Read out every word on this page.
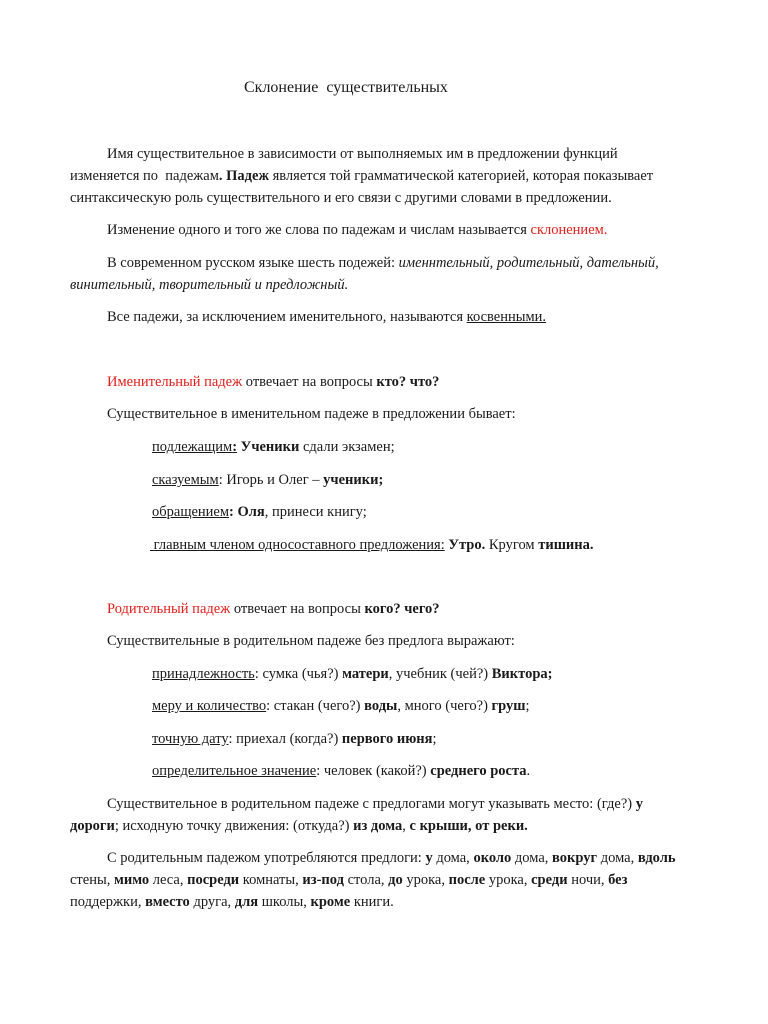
Склонение  существительных
Имя существительное в зависимости от выполняемых им в предложении функций
изменяется по  падежам. Падеж является той грамматической категорией, которая показывает
синтаксическую роль существительного и его связи с другими словами в предложении.
Изменение одного и того же слова по падежам и числам называется склонением.
В современном русском языке шесть подежей: именнтельный, родительный, дательный,
винительный, творительный и предложный.
Все падежи, за исключением именительного, называются косвенными.
Именительный падеж отвечает на вопросы кто? что?
Существительное в именительном падеже в предложении бывает:
подлежащим: Ученики сдали экзамен;
сказуемым: Игорь и Олег – ученики;
обращением: Оля, принеси книгу;
главным членом односоставного предложения: Утро. Кругом тишина.
Родительный падеж отвечает на вопросы кого? чего?
Существительные в родительном падеже без предлога выражают:
принадлежность: сумка (чья?) матери, учебник (чей?) Виктора;
меру и количество: стакан (чего?) воды, много (чего?) груш;
точную дату: приехал (когда?) первого июня;
определительное значение: человек (какой?) среднего роста.
Существительное в родительном падеже с предлогами могут указывать место: (где?) у
дороги; исходную точку движения: (откуда?) из дома, с крыши, от реки.
С родительным падежом употребляются предлоги: у дома, около дома, вокруг дома, вдоль
стены, мимо леса, посреди комнаты, из-под стола, до урока, после урока, среди ночи, без
поддержки, вместо друга, для школы, кроме книги.
